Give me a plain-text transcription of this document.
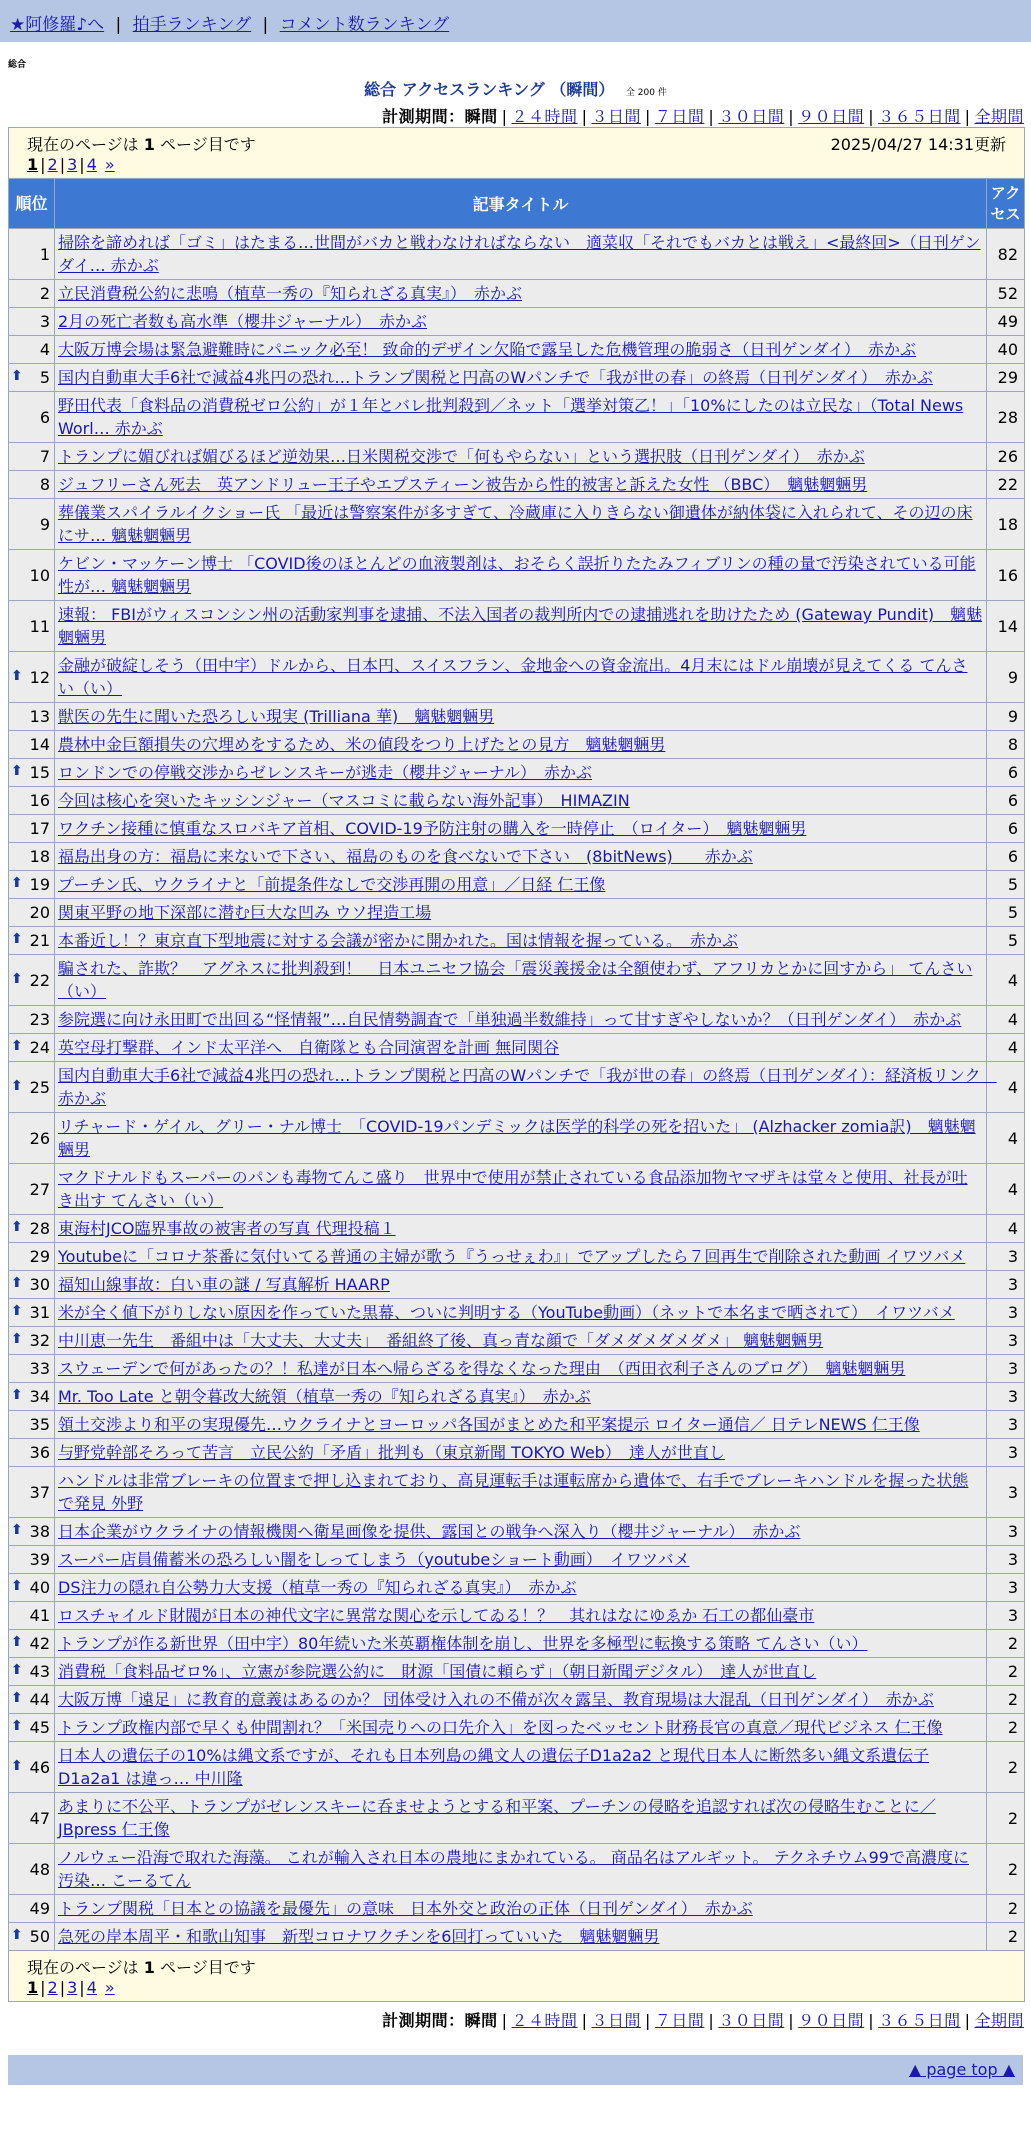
★阿修羅♪へ | 拍手ランキング | コメント数ランキング
総合
総合 アクセスランキング （瞬間） 全 200 件
計測期間：瞬間 | ２４時間 | ３日間 | ７日間 | ３０日間 | ９０日間 | ３６５日間 | 全期間
現在のページは 1 ページ目です 2025/04/27 14:31更新
1 | 2 | 3 | 4 »		

順位	記事タイトル	アクセス
1	掃除を諦めれば「ゴミ」はたまる…世間がバカと戦わなければならない　適菜収「それでもバカとは戦え」<最終回>（日刊ゲンダイ… 赤かぶ	82
2	立民消費税公約に悲鳴（植草一秀の『知られざる真実』）　赤かぶ	52
3	2月の死亡者数も高水準（櫻井ジャーナル）　赤かぶ	49
4	大阪万博会場は緊急避難時にパニック必至！ 致命的デザイン欠陥で露呈した危機管理の脆弱さ（日刊ゲンダイ）　赤かぶ	40

⬆ 5	国内自動車大手6社で減益4兆円の恐れ…トランプ関税と円高のWパンチで「我が世の春」の終焉（日刊ゲンダイ）　赤かぶ	29
6	野田代表「食料品の消費税ゼロ公約」が１年とバレ批判殺到／ネット「選挙対策乙！」「10%にしたのは立民な」（Total News Worl… 赤かぶ	28
7	トランプに媚びれば媚びるほど逆効果…日米関税交渉で「何もやらない」という選択肢（日刊ゲンダイ）　赤かぶ	26
8	ジュフリーさん死去　英アンドリュー王子やエプスティーン被告から性的被害と訴えた女性 （BBC）　魑魅魍魎男	22
9	葬儀業スパイラルイクショー氏 「最近は警察案件が多すぎて、冷蔵庫に入りきらない御遺体が納体袋に入れられて、その辺の床にサ… 魑魅魍魎男	18
10	ケビン・マッケーン博士 「COVID後のほとんどの血液製剤は、おそらく誤折りたたみフィブリンの種の量で汚染されている可能性が… 魑魅魍魎男	16
11	速報： FBIがウィスコンシン州の活動家判事を逮捕、不法入国者の裁判所内での逮捕逃れを助けたため (Gateway Pundit)　魑魅魍魎男	14

⬆ 12	金融が破綻しそう（田中宇）ドルから、日本円、スイスフラン、金地金への資金流出。4月末にはドル崩壊が見えてくる てんさい（い）	9
13	獣医の先生に聞いた恐ろしい現実 (Trilliana 華)　魑魅魍魎男	9
14	農林中金巨額損失の穴埋めをするため、米の値段をつり上げたとの見方　魑魅魍魎男	8

⬆ 15	ロンドンでの停戦交渉からゼレンスキーが逃走（櫻井ジャーナル）　赤かぶ	6
16	今回は核心を突いたキッシンジャー（マスコミに載らない海外記事）　HIMAZIN	6
17	ワクチン接種に慎重なスロバキア首相、COVID-19予防注射の購入を一時停止　（ロイター）　魑魅魍魎男	6
18	福島出身の方：福島に来ないで下さい、福島のものを食べないで下さい　(8bitNews)　　赤かぶ	6

⬆ 19	プーチン氏、ウクライナと「前提条件なしで交渉再開の用意」／日経 仁王像	5
20	関東平野の地下深部に潜む巨大な凹み ウソ捏造工場	5

⬆ 21	本番近し！？東京直下型地震に対する会議が密かに開かれた。国は情報を握っている。　赤かぶ	5

⬆ 22	騙された、詐欺？　アグネスに批判殺到！　日本ユニセフ協会「震災義援金は全額使わず、アフリカとかに回すから」 てんさい（い）	4
23	参院選に向け永田町で出回る“怪情報”…自民情勢調査で「単独過半数維持」って甘すぎやしないか？（日刊ゲンダイ）　赤かぶ	4

⬆ 24	英空母打撃群、インド太平洋へ　自衛隊とも合同演習を計画 無同関谷	4

⬆ 25	国内自動車大手6社で減益4兆円の恐れ…トランプ関税と円高のWパンチで「我が世の春」の終焉（日刊ゲンダイ）：経済板リンク　赤かぶ	4
26	リチャード・ゲイル、グリー・ナル博士　「COVID-19パンデミックは医学的科学の死を招いた」 (Alzhacker zomia訳)　魑魅魍魎男	4
27	マクドナルドもスーパーのパンも毒物てんこ盛り　世界中で使用が禁止されている食品添加物ヤマザキは堂々と使用、社長が吐き出す てんさい（い）	4

⬆ 28	東海村JCO臨界事故の被害者の写真 代理投稿１	4
29	Youtubeに「コロナ茶番に気付いてる普通の主婦が歌う『うっせぇわ』」でアップしたら７回再生で削除された動画 イワツバメ	3

⬆ 30	福知山線事故：白い車の謎 / 写真解析 HAARP	3

⬆ 31	米が全く値下がりしない原因を作っていた黒幕、ついに判明する（YouTube動画）（ネットで本名まで晒されて）　イワツバメ	3

⬆ 32	中川恵一先生　番組中は「大丈夫、大丈夫」　番組終了後、真っ青な顔で「ダメダメダメダメ」 魑魅魍魎男	3
33	スウェーデンで何があったの？！私達が日本へ帰らざるを得なくなった理由　（西田衣利子さんのブログ）　魑魅魍魎男	3

⬆ 34	Mr. Too Late と朝令暮改大統領（植草一秀の『知られざる真実』）　赤かぶ	3
35	領土交渉より和平の実現優先…ウクライナとヨーロッパ各国がまとめた和平案提示 ロイター通信／ 日テレNEWS 仁王像	3
36	与野党幹部そろって苦言　立民公約「矛盾」批判も（東京新聞 TOKYO Web）　達人が世直し	3
37	ハンドルは非常ブレーキの位置まで押し込まれており、高見運転手は運転席から遺体で、右手でブレーキハンドルを握った状態で発見 外野	3

⬆ 38	日本企業がウクライナの情報機関へ衛星画像を提供、露国との戦争へ深入り（櫻井ジャーナル）　赤かぶ	3
39	スーパー店員備蓄米の恐ろしい闇をしってしまう（youtubeショート動画）　イワツバメ	3

⬆ 40	DS注力の隠れ自公勢力大支援（植草一秀の『知られざる真実』）　赤かぶ	3
41	ロスチャイルド財閥が日本の神代文字に異常な関心を示してゐる！？　其れはなにゆゑか 石工の都仙臺市	3

⬆ 42	トランプが作る新世界（田中宇）80年続いた米英覇権体制を崩し、世界を多極型に転換する策略 てんさい（い）	2

⬆ 43	消費税「食料品ゼロ%」、立憲が参院選公約に　財源「国債に頼らず」（朝日新聞デジタル）　達人が世直し	2

⬆ 44	大阪万博「遠足」に教育的意義はあるのか？ 団体受け入れの不備が次々露呈、教育現場は大混乱（日刊ゲンダイ）　赤かぶ	2

⬆ 45	トランプ政権内部で早くも仲間割れ？「米国売りへの口先介入」を図ったベッセント財務長官の真意／現代ビジネス 仁王像	2

⬆ 46	日本人の遺伝子の10%は縄文系ですが、それも日本列島の縄文人の遺伝子D1a2a2 と現代日本人に断然多い縄文系遺伝子D1a2a1 は違っ… 中川隆	2
47	あまりに不公平、トランプがゼレンスキーに呑ませようとする和平案、プーチンの侵略を追認すれば次の侵略生むことに／JBpress 仁王像	2
48	ノルウェー沿海で取れた海藻。 これが輸入され日本の農地にまかれている。 商品名はアルギット。 テクネチウム99で高濃度に汚染… こーるてん	2
49	トランプ関税「日本との協議を最優先」の意味　日本外交と政治の正体（日刊ゲンダイ）　赤かぶ	2

⬆ 50	急死の岸本周平・和歌山知事　新型コロナワクチンを6回打っていいた　魑魅魍魎男	2

現在のページは 1 ページ目です
1 | 2 | 3 | 4 »		
計測期間：瞬間 | ２４時間 | ３日間 | ７日間 | ３０日間 | ９０日間 | ３６５日間 | 全期間
▲ page top ▲
